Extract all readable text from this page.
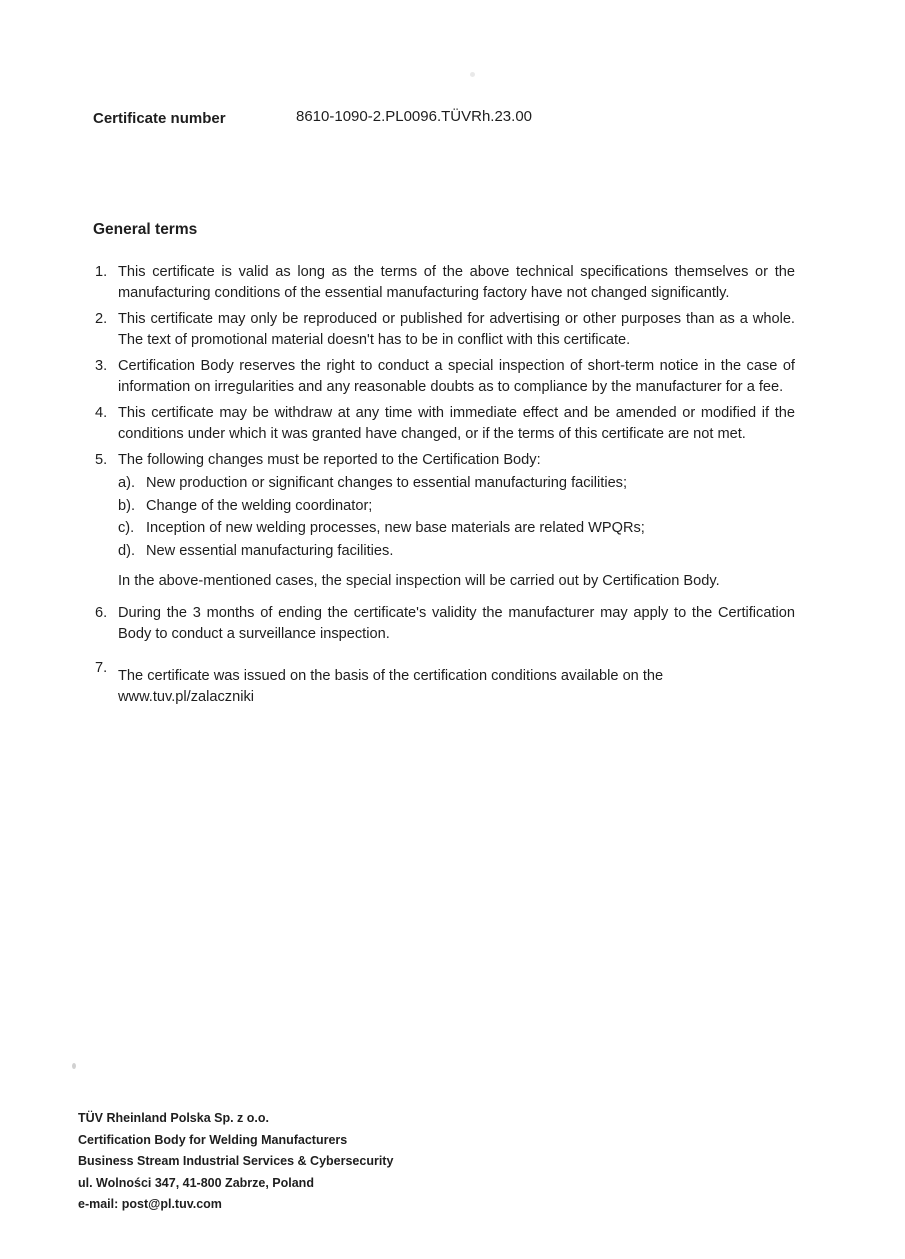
Certificate number	8610-1090-2.PL0096.TÜVRh.23.00
General terms
1. This certificate is valid as long as the terms of the above technical specifications themselves or the manufacturing conditions of the essential manufacturing factory have not changed significantly.
2. This certificate may only be reproduced or published for advertising or other purposes than as a whole. The text of promotional material doesn't has to be in conflict with this certificate.
3. Certification Body reserves the right to conduct a special inspection of short-term notice in the case of information on irregularities and any reasonable doubts as to compliance by the manufacturer for a fee.
4. This certificate may be withdraw at any time with immediate effect and be amended or modified if the conditions under which it was granted have changed, or if the terms of this certificate are not met.
5. The following changes must be reported to the Certification Body:
a). New production or significant changes to essential manufacturing facilities;
b). Change of the welding coordinator;
c). Inception of new welding processes, new base materials are related WPQRs;
d). New essential manufacturing facilities.
In the above-mentioned cases, the special inspection will be carried out by Certification Body.
6. During the 3 months of ending the certificate's validity the manufacturer may apply to the Certification Body to conduct a surveillance inspection.
7. The certificate was issued on the basis of the certification conditions available on the www.tuv.pl/zalaczniki
TÜV Rheinland Polska Sp. z o.o.
Certification Body for Welding Manufacturers
Business Stream Industrial Services & Cybersecurity
ul. Wolności 347, 41-800 Zabrze, Poland
e-mail: post@pl.tuv.com
